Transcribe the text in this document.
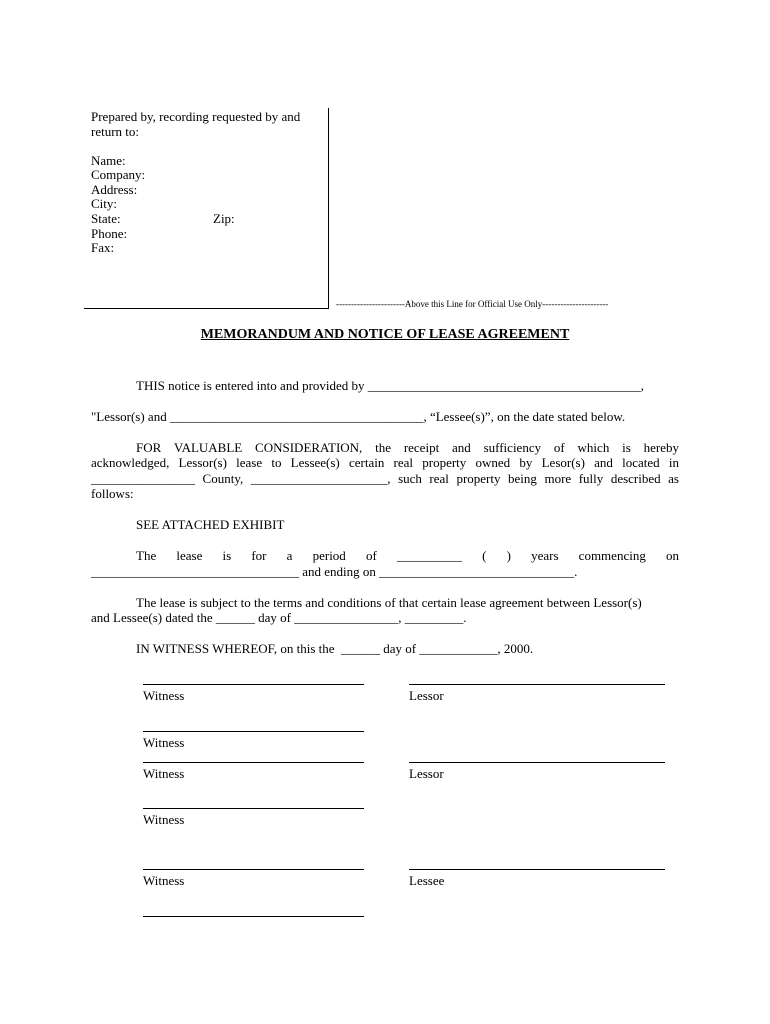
Prepared by, recording requested by and
return to:
Name:
Company:
Address:
City:
State:	Zip:
Phone:
Fax:
-----------------------Above this Line for Official Use Only----------------------
MEMORANDUM AND NOTICE OF LEASE AGREEMENT
THIS notice is entered into and provided by __________________________________________,
"Lessor(s) and _______________________________________, “Lessee(s)”, on the date stated below.
FOR VALUABLE CONSIDERATION, the receipt and sufficiency of which is hereby
acknowledged, Lessor(s) lease to Lessee(s) certain real property owned by Lesor(s) and located in
________________ County, _____________________, such real property being more fully described as
follows:
SEE ATTACHED EXHIBIT
The lease is for a period of __________ ( ) years commencing on
________________________________ and ending on ______________________________.
The lease is subject to the terms and conditions of that certain lease agreement between Lessor(s)
and Lessee(s) dated the ______ day of ________________, _________.
IN WITNESS WHEREOF, on this the  ______ day of ____________, 2000.
Witness	Lessor
Witness
Witness	Lessor
Witness
Witness	Lessee
